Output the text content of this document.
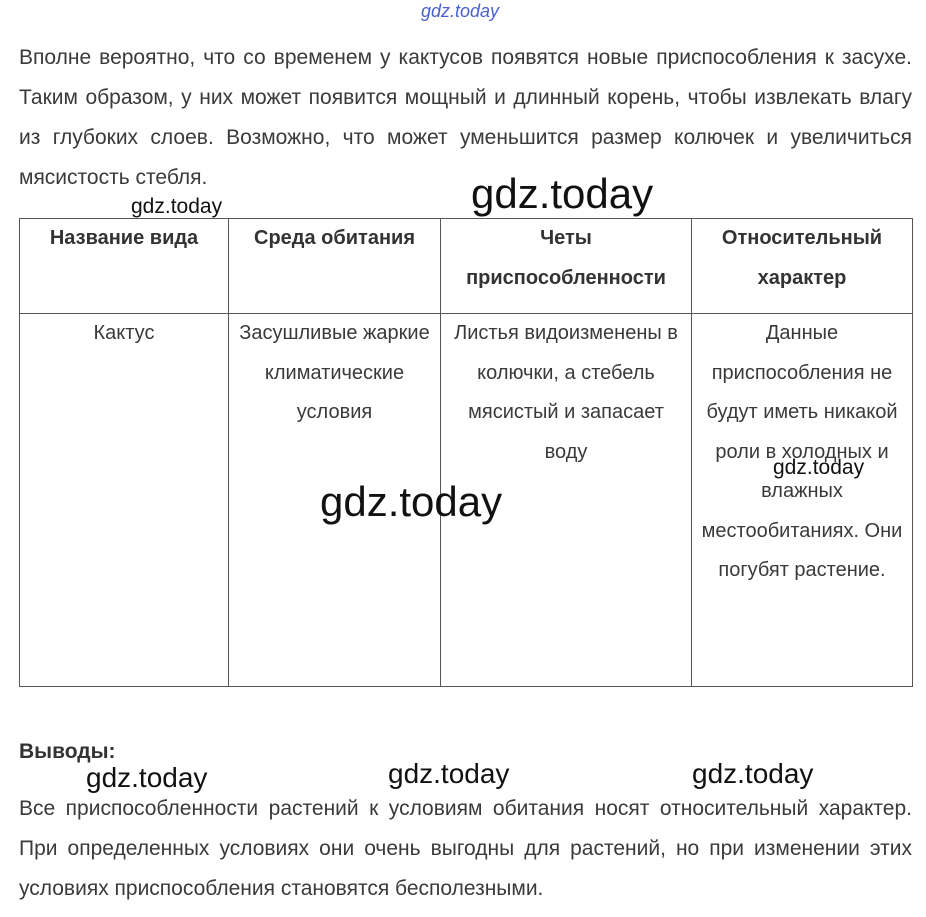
gdz.today

Вполне вероятно, что со временем у кактусов появятся новые приспособления к засухе. Таким образом, у них может появится мощный и длинный корень, чтобы извлекать влагу из глубоких слоев. Возможно, что может уменьшится размер колючек и увеличиться мясистость стебля.

Название вида	Среда обитания	Четы приспособленности	Относительный характер
Кактус	Засушливые жаркие климатические условия	Листья видоизменены в колючки, а стебель мясистый и запасает воду	Данные приспособления не будут иметь никакой роли в холодных и влажных местообитаниях. Они погубят растение.
gdz.today
gdz.today
gdz.today
gdz.today

Выводы:

gdz.today	gdz.today	gdz.today

Все приспособленности растений к условиям обитания носят относительный характер. При определенных условиях они очень выгодны для растений, но при изменении этих условиях приспособления становятся бесполезными.
